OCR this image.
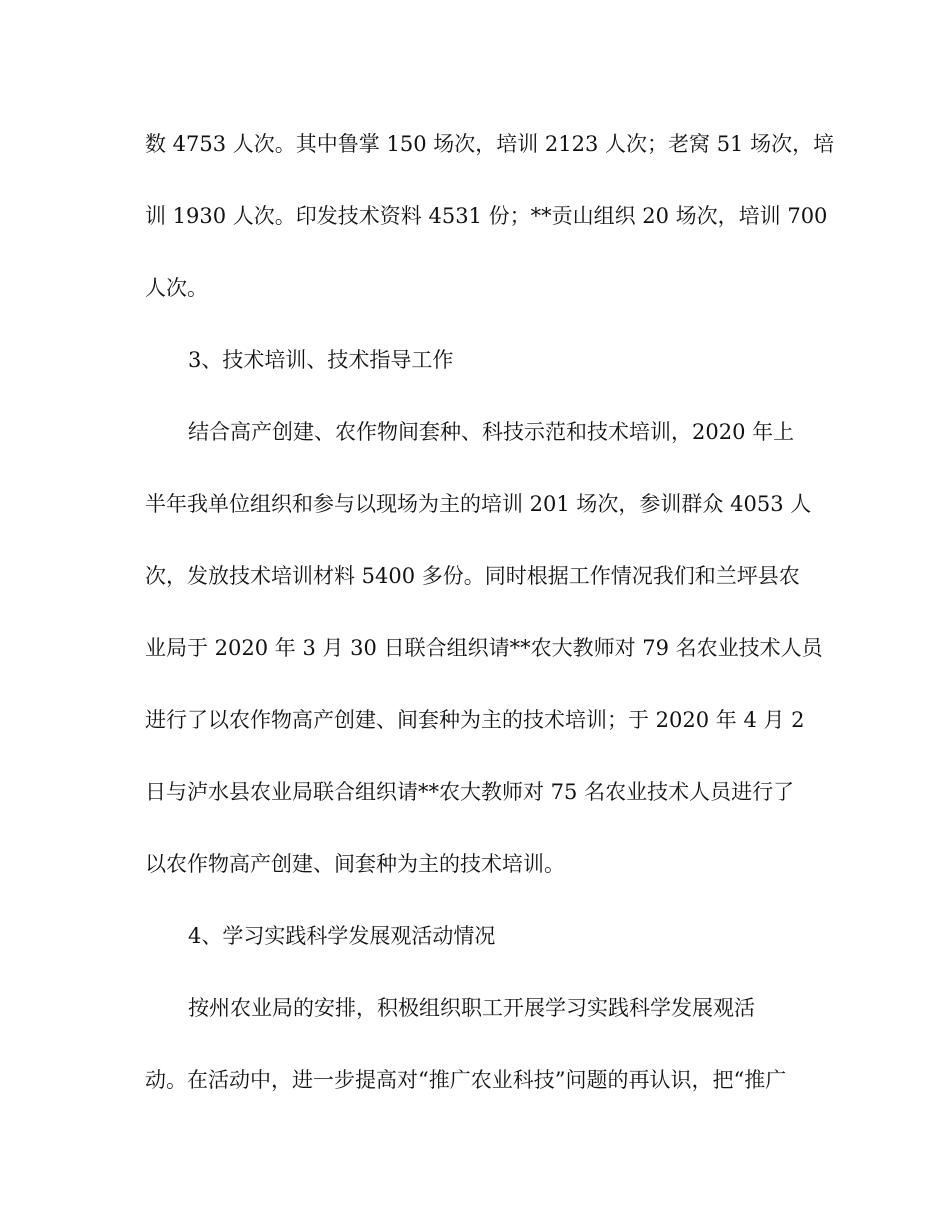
数 4753 人次。其中鲁掌 150 场次，培训 2123 人次；老窝 51 场次，培
训 1930 人次。印发技术资料 4531 份；**贡山组织 20 场次，培训 700
人次。
3、技术培训、技术指导工作
结合高产创建、农作物间套种、科技示范和技术培训，2020 年上
半年我单位组织和参与以现场为主的培训 201 场次，参训群众 4053 人
次，发放技术培训材料 5400 多份。同时根据工作情况我们和兰坪县农
业局于 2020 年 3 月 30 日联合组织请**农大教师对 79 名农业技术人员
进行了以农作物高产创建、间套种为主的技术培训；于 2020 年 4 月 2
日与泸水县农业局联合组织请**农大教师对 75 名农业技术人员进行了
以农作物高产创建、间套种为主的技术培训。
4、学习实践科学发展观活动情况
按州农业局的安排，积极组织职工开展学习实践科学发展观活
动。在活动中，进一步提高对“推广农业科技”问题的再认识，把“推广
